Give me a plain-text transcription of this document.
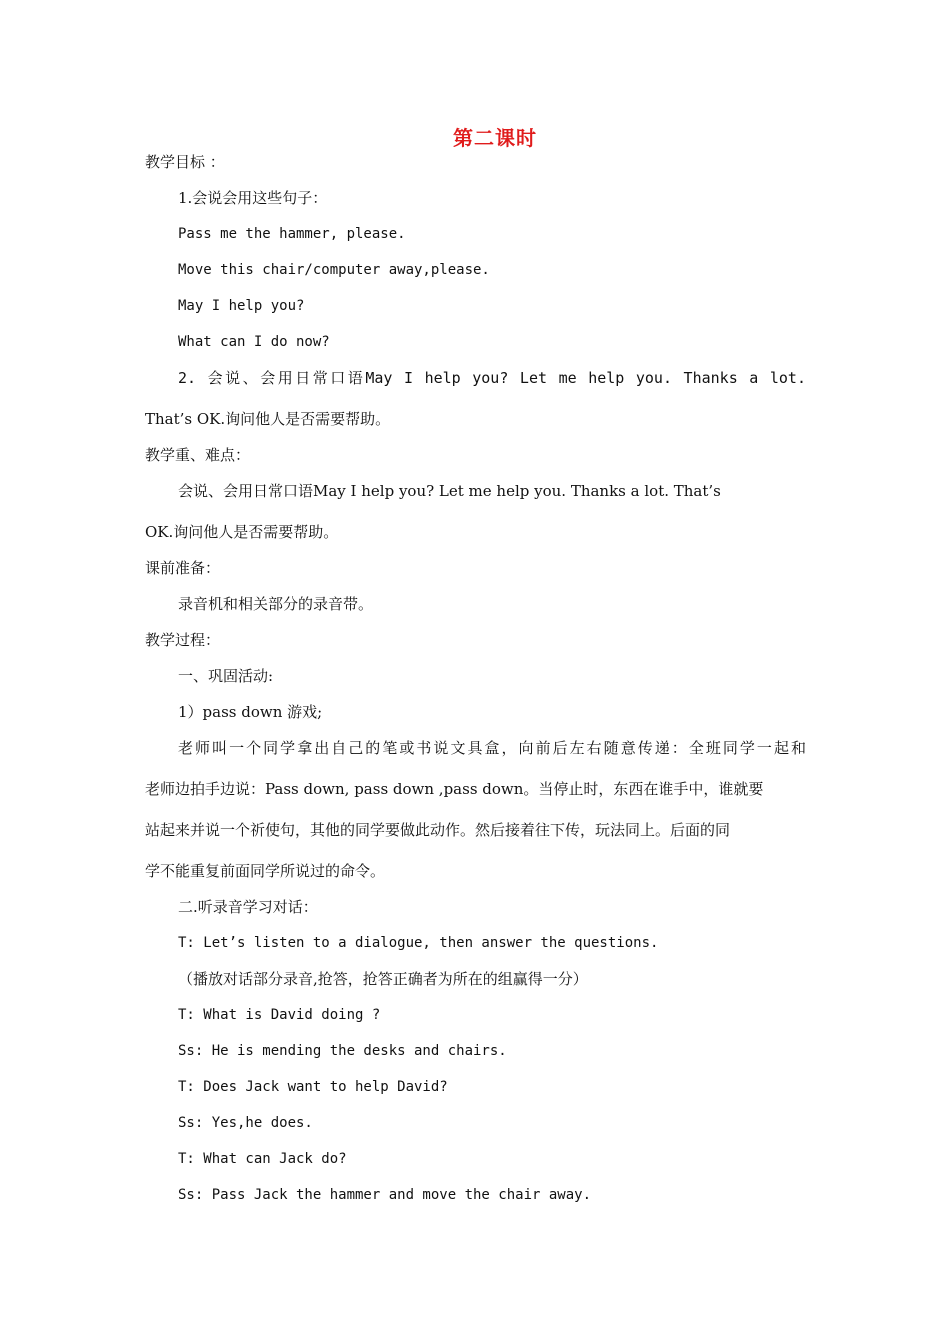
第二课时
教学目标 ：
1.会说会用这些句子：
Pass me the hammer, please.
Move this chair/computer away,please.
May I help you?
What can I do now?
2. 会说、会用日常口语May I help you? Let me help you. Thanks a lot.
That’s OK.询问他人是否需要帮助。
教学重、难点：
会说、会用日常口语May I help you? Let me help you. Thanks a lot. That’s
OK.询问他人是否需要帮助。
课前准备：
录音机和相关部分的录音带。
教学过程：
一、巩固活动:
1）pass down 游戏;
老师叫一个同学拿出自己的笔或书说文具盒，向前后左右随意传递：全班同学一起和
老师边拍手边说：Pass down, pass down ,pass down。当停止时，东西在谁手中，谁就要
站起来并说一个祈使句，其他的同学要做此动作。然后接着往下传，玩法同上。后面的同
学不能重复前面同学所说过的命令。
二.听录音学习对话：
T: Let’s listen to a dialogue, then answer the questions.
（播放对话部分录音,抢答，抢答正确者为所在的组赢得一分）
T: What is David doing ?
Ss: He is mending the desks and chairs.
T: Does Jack want to help David?
Ss: Yes,he does.
T: What can Jack do?
Ss: Pass Jack the hammer and move the chair away.
